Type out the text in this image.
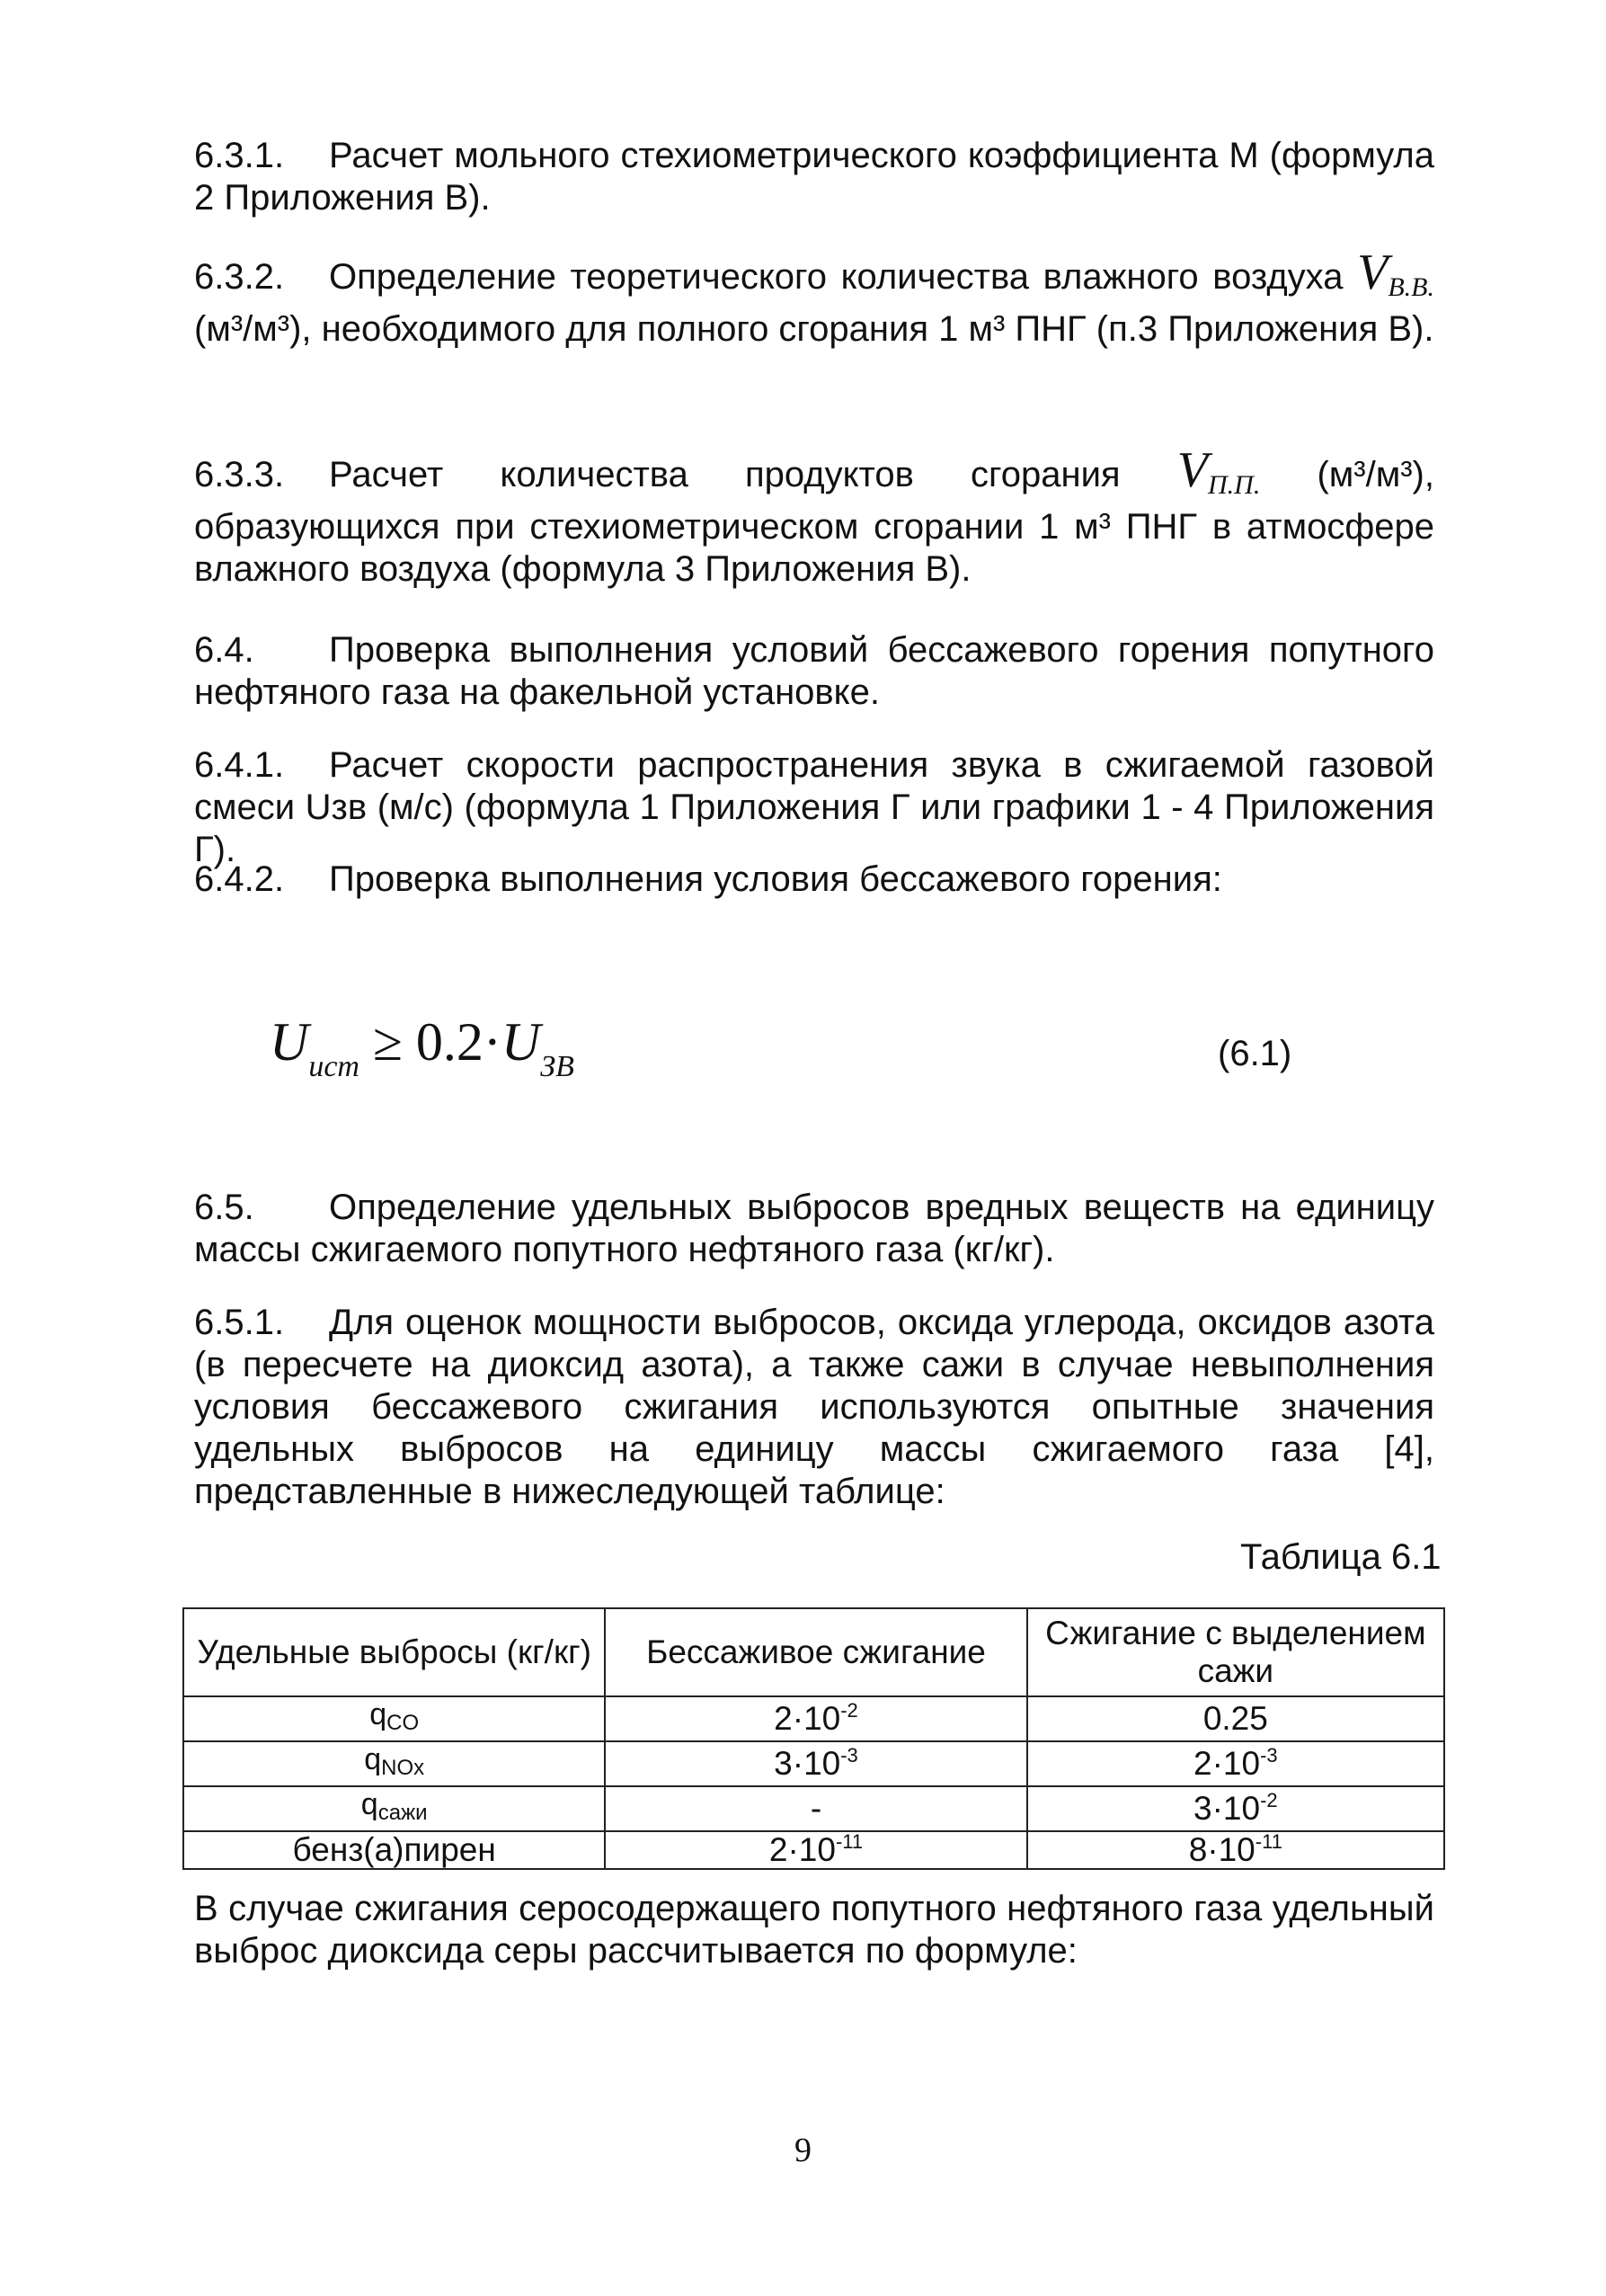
6.3.1. Расчет мольного стехиометрического коэффициента М (формула 2 Приложения В).
6.3.2. Определение теоретического количества влажного воздуха $V_{В.В.}$ (м³/м³), необходимого для полного сгорания 1 м³ ПНГ (п.3 Приложения В).
6.3.3. Расчет количества продуктов сгорания $V_{П.П.}$ (м³/м³), образующихся при стехиометрическом сгорании 1 м³ ПНГ в атмосфере влажного воздуха (формула 3 Приложения В).
6.4. Проверка выполнения условий бессажевого горения попутного нефтяного газа на факельной установке.
6.4.1. Расчет скорости распространения звука в сжигаемой газовой смеси Uзв (м/с) (формула 1 Приложения Г или графики 1 - 4 Приложения Г).
6.4.2. Проверка выполнения условия бессажевого горения:
$U_{ист} \ge 0.2\cdot U_{ЗВ}$	(6.1)
6.5. Определение удельных выбросов вредных веществ на единицу массы сжигаемого попутного нефтяного газа (кг/кг).
6.5.1. Для оценок мощности выбросов, оксида углерода, оксидов азота (в пересчете на диоксид азота), а также сажи в случае невыполнения условия бессажевого сжигания используются опытные значения удельных выбросов на единицу массы сжигаемого газа [4], представленные в нижеследующей таблице:
Таблица 6.1
Удельные выбросы (кг/кг)	Бессаживое сжигание	Сжигание с выделением сажи
qCO	$2\cdot 10^{-2}$	0.25
qNOx	$3\cdot 10^{-3}$	$2\cdot 10^{-3}$
qсажи	-	$3\cdot 10^{-2}$
бенз(а)пирен	$2\cdot 10^{-11}$	$8\cdot 10^{-11}$
В случае сжигания серосодержащего попутного нефтяного газа удельный выброс диоксида серы рассчитывается по формуле:
9
